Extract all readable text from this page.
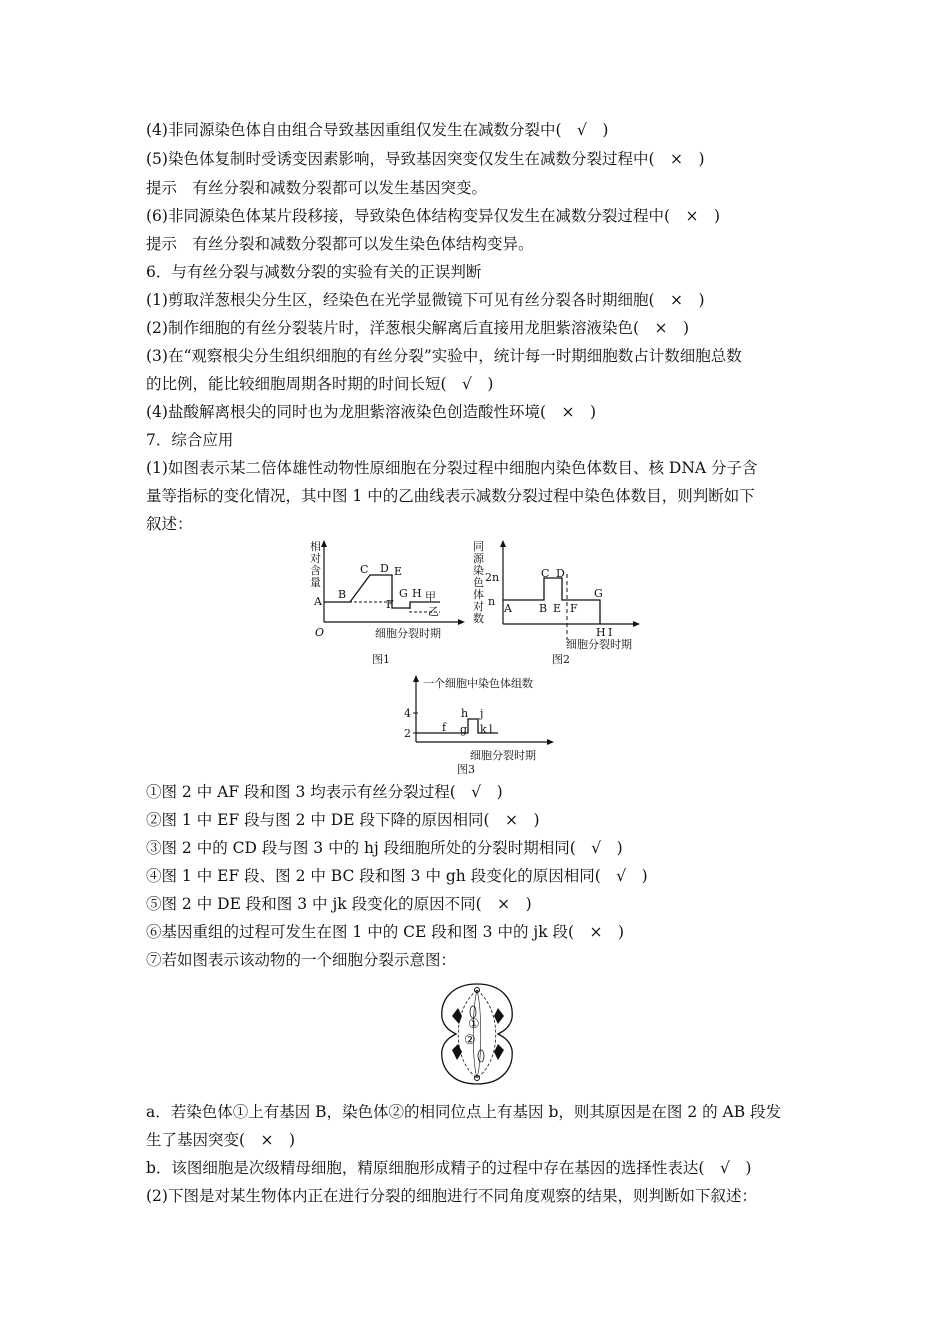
(4)非同源染色体自由组合导致基因重组仅发生在减数分裂中(　√　)
(5)染色体复制时受诱变因素影响，导致基因突变仅发生在减数分裂过程中(　×　)
提示　有丝分裂和减数分裂都可以发生基因突变。
(6)非同源染色体某片段移接，导致染色体结构变异仅发生在减数分裂过程中(　×　)
提示　有丝分裂和减数分裂都可以发生染色体结构变异。
6．与有丝分裂与减数分裂的实验有关的正误判断
(1)剪取洋葱根尖分生区，经染色在光学显微镜下可见有丝分裂各时期细胞(　×　)
(2)制作细胞的有丝分裂装片时，洋葱根尖解离后直接用龙胆紫溶液染色(　×　)
(3)在“观察根尖分生组织细胞的有丝分裂”实验中，统计每一时期细胞数占计数细胞总数
的比例，能比较细胞周期各时期的时间长短(　√　)
(4)盐酸解离根尖的同时也为龙胆紫溶液染色创造酸性环境(　×　)
7．综合应用
(1)如图表示某二倍体雄性动物性原细胞在分裂过程中细胞内染色体数目、核 DNA 分子含
量等指标的变化情况，其中图 1 中的乙曲线表示减数分裂过程中染色体数目，则判断如下
叙述：
相
对
含
量
A
B
C D E
F
G H 甲
乙
O	细胞分裂时期
图1
同
源
染
色
体
对
数
2n
n
A B
C D
E F
G
H I
细胞分裂时期
图2
一个细胞中染色体组数
4
2	f g
h j
k l
细胞分裂时期
图3
①图 2 中 AF 段和图 3 均表示有丝分裂过程(　√　)
②图 1 中 EF 段与图 2 中 DE 段下降的原因相同(　×　)
③图 2 中的 CD 段与图 3 中的 hj 段细胞所处的分裂时期相同(　√　)
④图 1 中 EF 段、图 2 中 BC 段和图 3 中 gh 段变化的原因相同(　√　)
⑤图 2 中 DE 段和图 3 中 jk 段变化的原因不同(　×　)
⑥基因重组的过程可发生在图 1 中的 CE 段和图 3 中的 jk 段(　×　)
⑦若如图表示该动物的一个细胞分裂示意图：
①
②
a．若染色体①上有基因 B，染色体②的相同位点上有基因 b，则其原因是在图 2 的 AB 段发
生了基因突变(　×　)
b．该图细胞是次级精母细胞，精原细胞形成精子的过程中存在基因的选择性表达(　√　)
(2)下图是对某生物体内正在进行分裂的细胞进行不同角度观察的结果，则判断如下叙述：
